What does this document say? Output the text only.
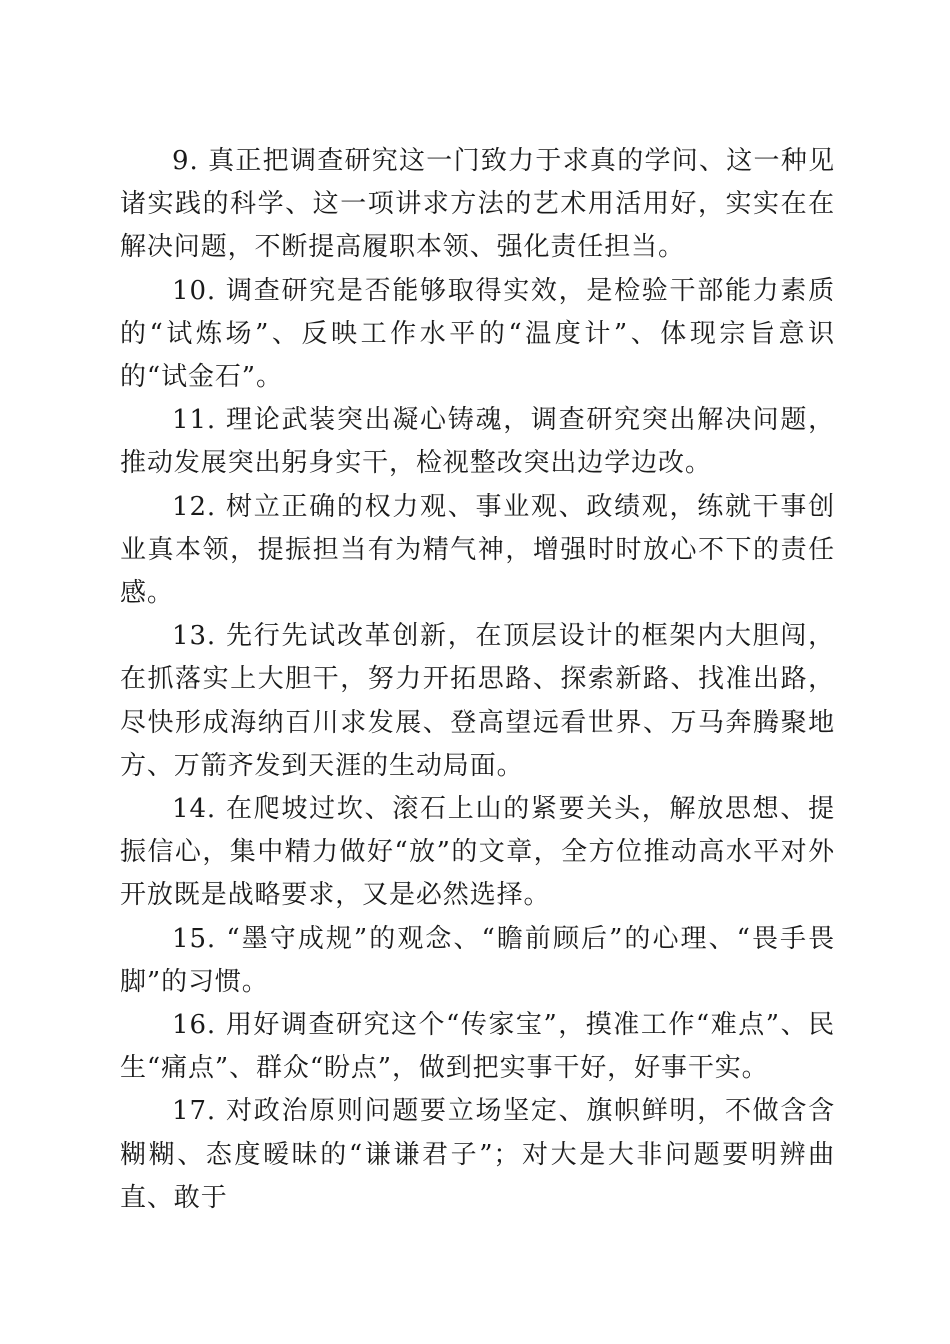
9. 真正把调查研究这一门致力于求真的学问、这一种见诸实践的科学、这一项讲求方法的艺术用活用好，实实在在解决问题，不断提高履职本领、强化责任担当。

10. 调查研究是否能够取得实效，是检验干部能力素质的“试炼场”、反映工作水平的“温度计”、体现宗旨意识的“试金石”。

11. 理论武装突出凝心铸魂，调查研究突出解决问题，推动发展突出躬身实干，检视整改突出边学边改。

12. 树立正确的权力观、事业观、政绩观，练就干事创业真本领，提振担当有为精气神，增强时时放心不下的责任感。

13. 先行先试改革创新，在顶层设计的框架内大胆闯，在抓落实上大胆干，努力开拓思路、探索新路、找准出路，尽快形成海纳百川求发展、登高望远看世界、万马奔腾聚地方、万箭齐发到天涯的生动局面。

14. 在爬坡过坎、滚石上山的紧要关头，解放思想、提振信心，集中精力做好“放”的文章，全方位推动高水平对外开放既是战略要求，又是必然选择。

15. “墨守成规”的观念、“瞻前顾后”的心理、“畏手畏脚”的习惯。

16. 用好调查研究这个“传家宝”，摸准工作“难点”、民生“痛点”、群众“盼点”，做到把实事干好，好事干实。

17. 对政治原则问题要立场坚定、旗帜鲜明，不做含含糊糊、态度暧昧的“谦谦君子”；对大是大非问题要明辨曲直、敢于
